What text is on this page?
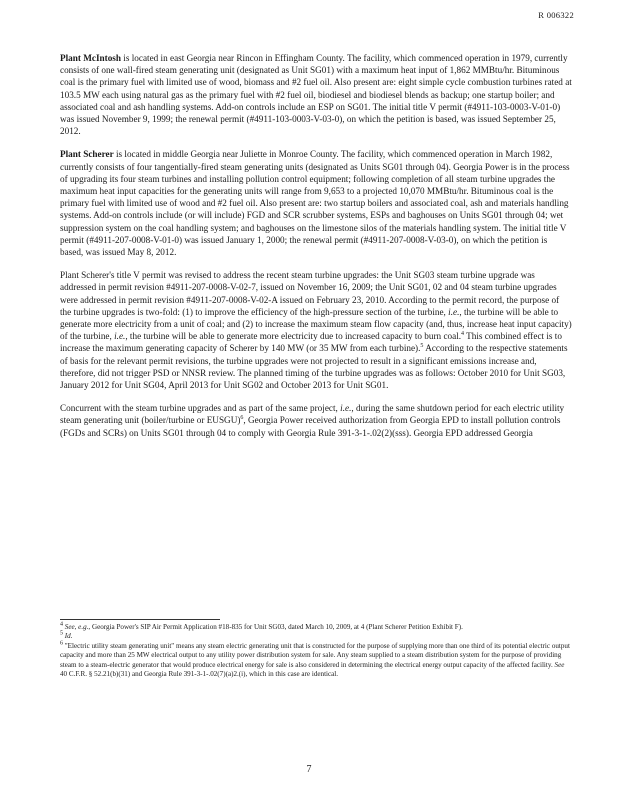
R 006322

Plant McIntosh is located in east Georgia near Rincon in Effingham County. The facility, which commenced operation in 1979, currently consists of one wall-fired steam generating unit (designated as Unit SG01) with a maximum heat input of 1,862 MMBtu/hr. Bituminous coal is the primary fuel with limited use of wood, biomass and #2 fuel oil. Also present are: eight simple cycle combustion turbines rated at 103.5 MW each using natural gas as the primary fuel with #2 fuel oil, biodiesel and biodiesel blends as backup; one startup boiler; and associated coal and ash handling systems. Add-on controls include an ESP on SG01. The initial title V permit (#4911-103-0003-V-01-0) was issued November 9, 1999; the renewal permit (#4911-103-0003-V-03-0), on which the petition is based, was issued September 25, 2012.

Plant Scherer is located in middle Georgia near Juliette in Monroe County. The facility, which commenced operation in March 1982, currently consists of four tangentially-fired steam generating units (designated as Units SG01 through 04). Georgia Power is in the process of upgrading its four steam turbines and installing pollution control equipment; following completion of all steam turbine upgrades the maximum heat input capacities for the generating units will range from 9,653 to a projected 10,070 MMBtu/hr. Bituminous coal is the primary fuel with limited use of wood and #2 fuel oil. Also present are: two startup boilers and associated coal, ash and materials handling systems. Add-on controls include (or will include) FGD and SCR scrubber systems, ESPs and baghouses on Units SG01 through 04; wet suppression system on the coal handling system; and baghouses on the limestone silos of the materials handling system. The initial title V permit (#4911-207-0008-V-01-0) was issued January 1, 2000; the renewal permit (#4911-207-0008-V-03-0), on which the petition is based, was issued May 8, 2012.

Plant Scherer's title V permit was revised to address the recent steam turbine upgrades: the Unit SG03 steam turbine upgrade was addressed in permit revision #4911-207-0008-V-02-7, issued on November 16, 2009; the Unit SG01, 02 and 04 steam turbine upgrades were addressed in permit revision #4911-207-0008-V-02-A issued on February 23, 2010. According to the permit record, the purpose of the turbine upgrades is two-fold: (1) to improve the efficiency of the high-pressure section of the turbine, i.e., the turbine will be able to generate more electricity from a unit of coal; and (2) to increase the maximum steam flow capacity (and, thus, increase heat input capacity) of the turbine, i.e., the turbine will be able to generate more electricity due to increased capacity to burn coal.$^4$ This combined effect is to increase the maximum generating capacity of Scherer by 140 MW (or 35 MW from each turbine).$^5$ According to the respective statements of basis for the relevant permit revisions, the turbine upgrades were not projected to result in a significant emissions increase and, therefore, did not trigger PSD or NNSR review. The planned timing of the turbine upgrades was as follows: October 2010 for Unit SG03, January 2012 for Unit SG04, April 2013 for Unit SG02 and October 2013 for Unit SG01.

Concurrent with the steam turbine upgrades and as part of the same project, i.e., during the same shutdown period for each electric utility steam generating unit (boiler/turbine or EUSGU)$^6$, Georgia Power received authorization from Georgia EPD to install pollution controls (FGDs and SCRs) on Units SG01 through 04 to comply with Georgia Rule 391-3-1-.02(2)(sss). Georgia EPD addressed Georgia

$^4$ See, e.g., Georgia Power's SIP Air Permit Application #18-835 for Unit SG03, dated March 10, 2009, at 4 (Plant Scherer Petition Exhibit F).

$^5$ Id.

$^6$ "Electric utility steam generating unit" means any steam electric generating unit that is constructed for the purpose of supplying more than one third of its potential electric output capacity and more than 25 MW electrical output to any utility power distribution system for sale. Any steam supplied to a steam distribution system for the purpose of providing steam to a steam-electric generator that would produce electrical energy for sale is also considered in determining the electrical energy output capacity of the affected facility. See 40 C.F.R. § 52.21(b)(31) and Georgia Rule 391-3-1-.02(7)(a)2.(i), which in this case are identical.

7
